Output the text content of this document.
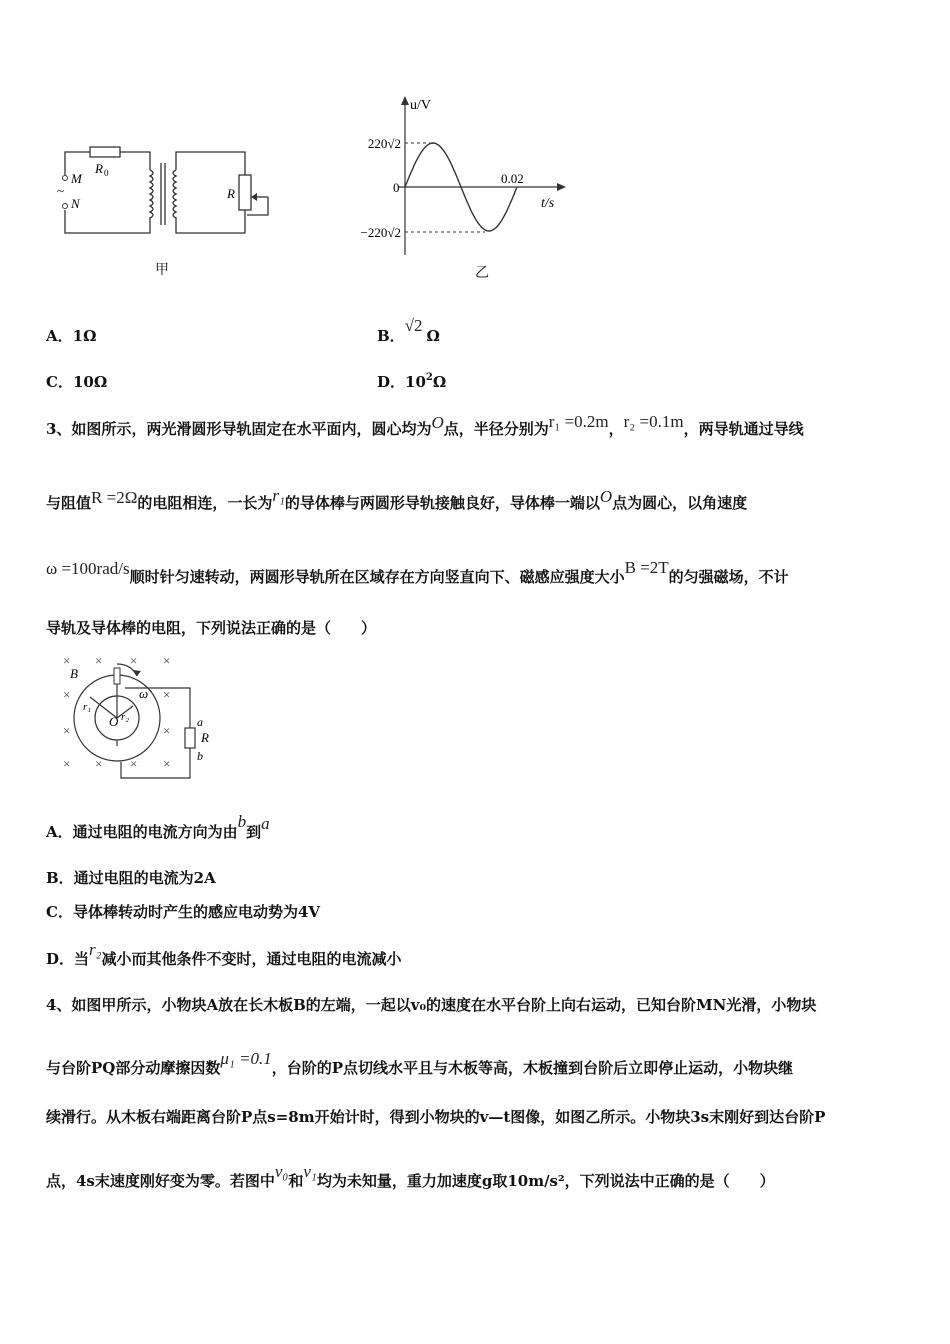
R 0
M
~
N
R
甲
u/V
t/s
0
220√2
−220√2
0.02
乙
A．1Ω	B．√2Ω
C．10Ω	D．$10^2\Omega$
3、如图所示，两光滑圆形导轨固定在水平面内，圆心均为O点，半径分别为r₁ =0.2m，r₂ =0.1m，两导轨通过导线
与阻值R =2Ω的电阻相连，一长为r₁的导体棒与两圆形导轨接触良好，导体棒一端以O点为圆心，以角速度
ω =100rad/s顺时针匀速转动，两圆形导轨所在区域存在方向竖直向下、磁感应强度大小B =2T的匀强磁场，不计
导轨及导体棒的电阻，下列说法正确的是（　　）
× × × ×
×	×
×	×
× × × ×
B
O
r₁
r₂
ω
a
R
b
A．通过电阻的电流方向为由b到a
B．通过电阻的电流为2A
C．导体棒转动时产生的感应电动势为4V
D．当r₂减小而其他条件不变时，通过电阻的电流减小
4、如图甲所示，小物块A放在长木板B的左端，一起以v₀的速度在水平台阶上向右运动，已知台阶MN光滑，小物块
与台阶PQ部分动摩擦因数μ₁ =0.1，台阶的P点切线水平且与木板等高，木板撞到台阶后立即停止运动，小物块继
续滑行。从木板右端距离台阶P点s=8m开始计时，得到小物块的v—t图像，如图乙所示。小物块3s末刚好到达台阶P
点，4s末速度刚好变为零。若图中v₀和v₁均为未知量，重力加速度g取10m/s²，下列说法中正确的是（　　）
